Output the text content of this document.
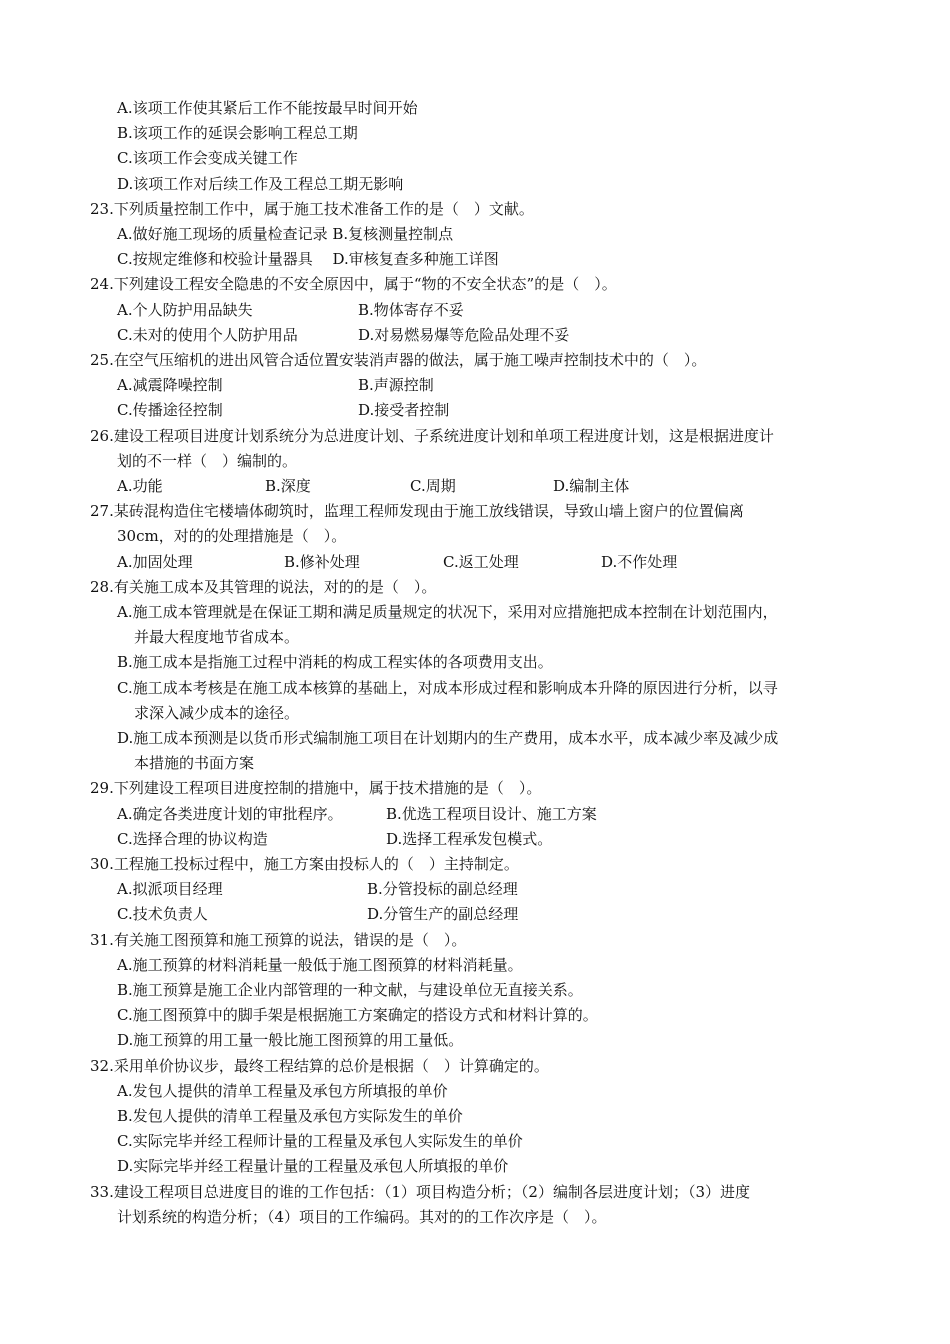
A.该项工作使其紧后工作不能按最早时间开始
B.该项工作的延误会影响工程总工期
C.该项工作会变成关键工作
D.该项工作对后续工作及工程总工期无影响
23.下列质量控制工作中，属于施工技术准备工作的是（　）文献。
A.做好施工现场的质量检查记录 B.复核测量控制点
C.按规定维修和校验计量器具　 D.审核复查多种施工详图
24.下列建设工程安全隐患的不安全原因中，属于“物的不安全状态”的是（　）。
A.个人防护用品缺失	B.物体寄存不妥
C.未对的使用个人防护用品	D.对易燃易爆等危险品处理不妥
25.在空气压缩机的进出风管合适位置安装消声器的做法，属于施工噪声控制技术中的（　）。
A.减震降噪控制	B.声源控制
C.传播途径控制	D.接受者控制
26.建设工程项目进度计划系统分为总进度计划、子系统进度计划和单项工程进度计划，这是根据进度计
划的不一样（　）编制的。
A.功能	B.深度	C.周期	D.编制主体
27.某砖混构造住宅楼墙体砌筑时，监理工程师发现由于施工放线错误，导致山墙上窗户的位置偏离
30cm，对的的处理措施是（　）。
A.加固处理	B.修补处理	C.返工处理	D.不作处理
28.有关施工成本及其管理的说法，对的的是（　）。
A.施工成本管理就是在保证工期和满足质量规定的状况下，采用对应措施把成本控制在计划范围内，
并最大程度地节省成本。
B.施工成本是指施工过程中消耗的构成工程实体的各项费用支出。
C.施工成本考核是在施工成本核算的基础上，对成本形成过程和影响成本升降的原因进行分析，以寻
求深入减少成本的途径。
D.施工成本预测是以货币形式编制施工项目在计划期内的生产费用，成本水平，成本减少率及减少成
本措施的书面方案
29.下列建设工程项目进度控制的措施中，属于技术措施的是（　）。
A.确定各类进度计划的审批程序。	B.优选工程项目设计、施工方案
C.选择合理的协议构造	D.选择工程承发包模式。
30.工程施工投标过程中，施工方案由投标人的（　）主持制定。
A.拟派项目经理	B.分管投标的副总经理
C.技术负责人	D.分管生产的副总经理
31.有关施工图预算和施工预算的说法，错误的是（　）。
A.施工预算的材料消耗量一般低于施工图预算的材料消耗量。
B.施工预算是施工企业内部管理的一种文献，与建设单位无直接关系。
C.施工图预算中的脚手架是根据施工方案确定的搭设方式和材料计算的。
D.施工预算的用工量一般比施工图预算的用工量低。
32.采用单价协议步，最终工程结算的总价是根据（　）计算确定的。
A.发包人提供的清单工程量及承包方所填报的单价
B.发包人提供的清单工程量及承包方实际发生的单价
C.实际完毕并经工程师计量的工程量及承包人实际发生的单价
D.实际完毕并经工程量计量的工程量及承包人所填报的单价
33.建设工程项目总进度目的谁的工作包括：（1）项目构造分析；（2）编制各层进度计划；（3）进度
计划系统的构造分析；（4）项目的工作编码。其对的的工作次序是（　）。
